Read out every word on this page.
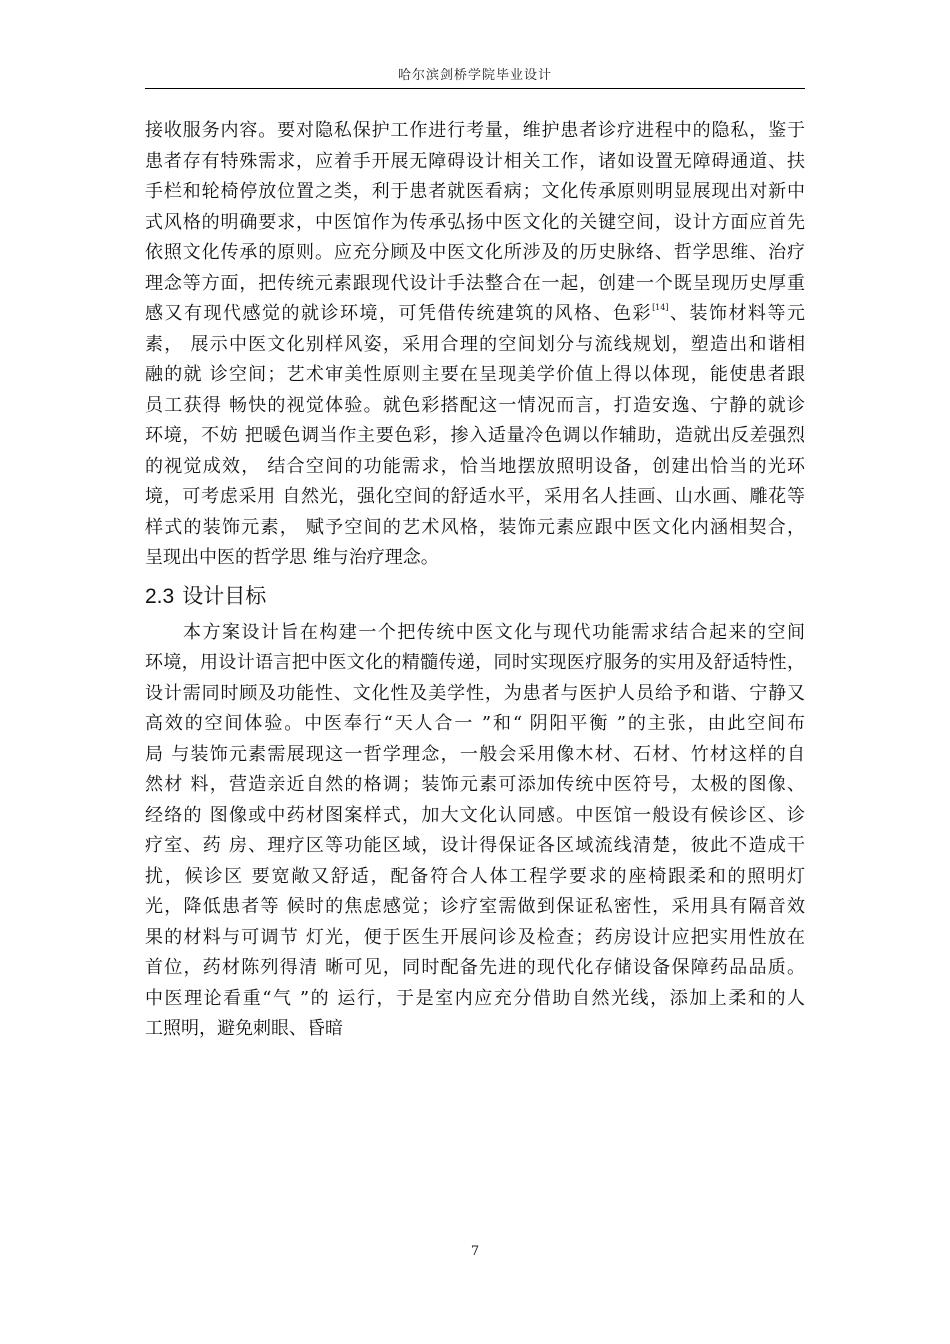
哈尔滨剑桥学院毕业设计
接收服务内容。要对隐私保护工作进行考量，维护患者诊疗进程中的隐私，鉴于
患者存有特殊需求，应着手开展无障碍设计相关工作，诸如设置无障碍通道、扶
手栏和轮椅停放位置之类，利于患者就医看病；文化传承原则明显展现出对新中
式风格的明确要求，中医馆作为传承弘扬中医文化的关键空间，设计方面应首先
依照文化传承的原则。应充分顾及中医文化所涉及的历史脉络、哲学思维、治疗
理念等方面，把传统元素跟现代设计手法整合在一起，创建一个既呈现历史厚重
感又有现代感觉的就诊环境，可凭借传统建筑的风格、色彩[14]、装饰材料等元
素， 展示中医文化别样风姿，采用合理的空间划分与流线规划，塑造出和谐相
融的就 诊空间；艺术审美性原则主要在呈现美学价值上得以体现，能使患者跟
员工获得 畅快的视觉体验。就色彩搭配这一情况而言，打造安逸、宁静的就诊
环境，不妨 把暖色调当作主要色彩，掺入适量冷色调以作辅助，造就出反差强烈
的视觉成效， 结合空间的功能需求，恰当地摆放照明设备，创建出恰当的光环
境，可考虑采用 自然光，强化空间的舒适水平，采用名人挂画、山水画、雕花等
样式的装饰元素， 赋予空间的艺术风格，装饰元素应跟中医文化内涵相契合，
呈现出中医的哲学思 维与治疗理念。
2.3 设计目标
本方案设计旨在构建一个把传统中医文化与现代功能需求结合起来的空间
环境，用设计语言把中医文化的精髓传递，同时实现医疗服务的实用及舒适特性，
设计需同时顾及功能性、文化性及美学性，为患者与医护人员给予和谐、宁静又
高效的空间体验。中医奉行“天人合一 ”和“ 阴阳平衡 ”的主张，由此空间布
局 与装饰元素需展现这一哲学理念，一般会采用像木材、石材、竹材这样的自
然材 料，营造亲近自然的格调；装饰元素可添加传统中医符号，太极的图像、
经络的 图像或中药材图案样式，加大文化认同感。中医馆一般设有候诊区、诊
疗室、药 房、理疗区等功能区域，设计得保证各区域流线清楚，彼此不造成干
扰，候诊区 要宽敞又舒适，配备符合人体工程学要求的座椅跟柔和的照明灯
光，降低患者等 候时的焦虑感觉；诊疗室需做到保证私密性，采用具有隔音效
果的材料与可调节 灯光，便于医生开展问诊及检查；药房设计应把实用性放在
首位，药材陈列得清 晰可见，同时配备先进的现代化存储设备保障药品品质。
中医理论看重“气 ”的 运行，于是室内应充分借助自然光线，添加上柔和的人
工照明，避免刺眼、昏暗
7
